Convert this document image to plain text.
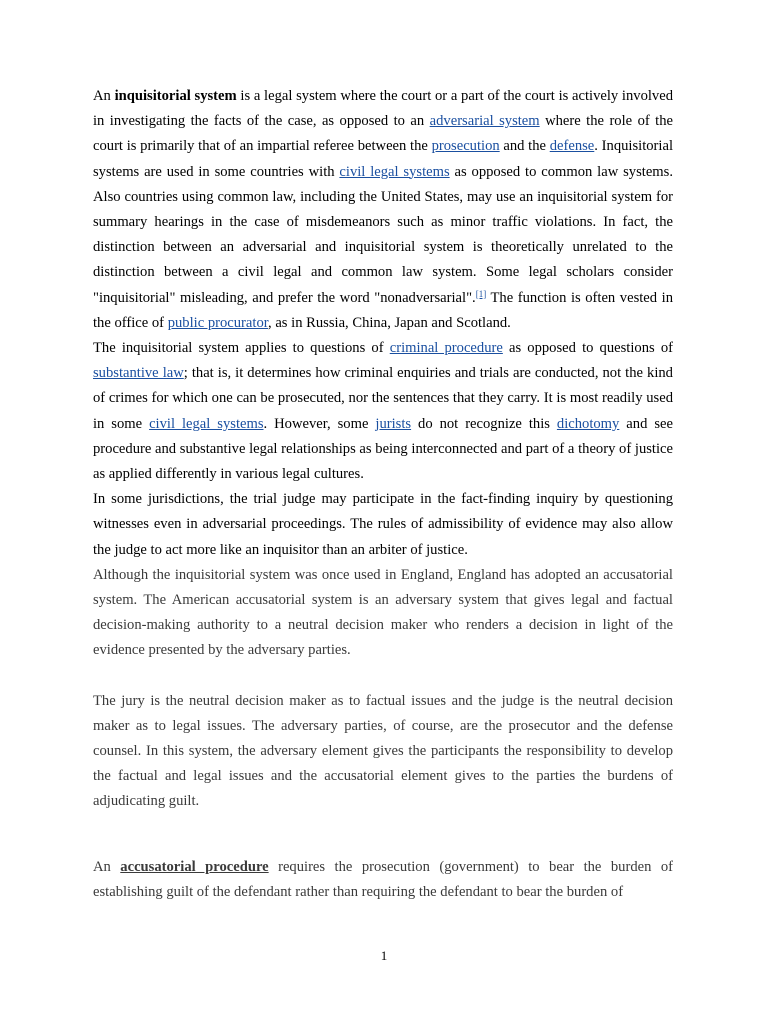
An inquisitorial system is a legal system where the court or a part of the court is actively involved in investigating the facts of the case, as opposed to an adversarial system where the role of the court is primarily that of an impartial referee between the prosecution and the defense. Inquisitorial systems are used in some countries with civil legal systems as opposed to common law systems. Also countries using common law, including the United States, may use an inquisitorial system for summary hearings in the case of misdemeanors such as minor traffic violations. In fact, the distinction between an adversarial and inquisitorial system is theoretically unrelated to the distinction between a civil legal and common law system. Some legal scholars consider "inquisitorial" misleading, and prefer the word "nonadversarial".[1] The function is often vested in the office of public procurator, as in Russia, China, Japan and Scotland.

The inquisitorial system applies to questions of criminal procedure as opposed to questions of substantive law; that is, it determines how criminal enquiries and trials are conducted, not the kind of crimes for which one can be prosecuted, nor the sentences that they carry. It is most readily used in some civil legal systems. However, some jurists do not recognize this dichotomy and see procedure and substantive legal relationships as being interconnected and part of a theory of justice as applied differently in various legal cultures.

In some jurisdictions, the trial judge may participate in the fact-finding inquiry by questioning witnesses even in adversarial proceedings. The rules of admissibility of evidence may also allow the judge to act more like an inquisitor than an arbiter of justice.

Although the inquisitorial system was once used in England, England has adopted an accusatorial system. The American accusatorial system is an adversary system that gives legal and factual decision-making authority to a neutral decision maker who renders a decision in light of the evidence presented by the adversary parties.

The jury is the neutral decision maker as to factual issues and the judge is the neutral decision maker as to legal issues. The adversary parties, of course, are the prosecutor and the defense counsel. In this system, the adversary element gives the participants the responsibility to develop the factual and legal issues and the accusatorial element gives to the parties the burdens of adjudicating guilt.

An accusatorial procedure requires the prosecution (government) to bear the burden of establishing guilt of the defendant rather than requiring the defendant to bear the burden of

1
